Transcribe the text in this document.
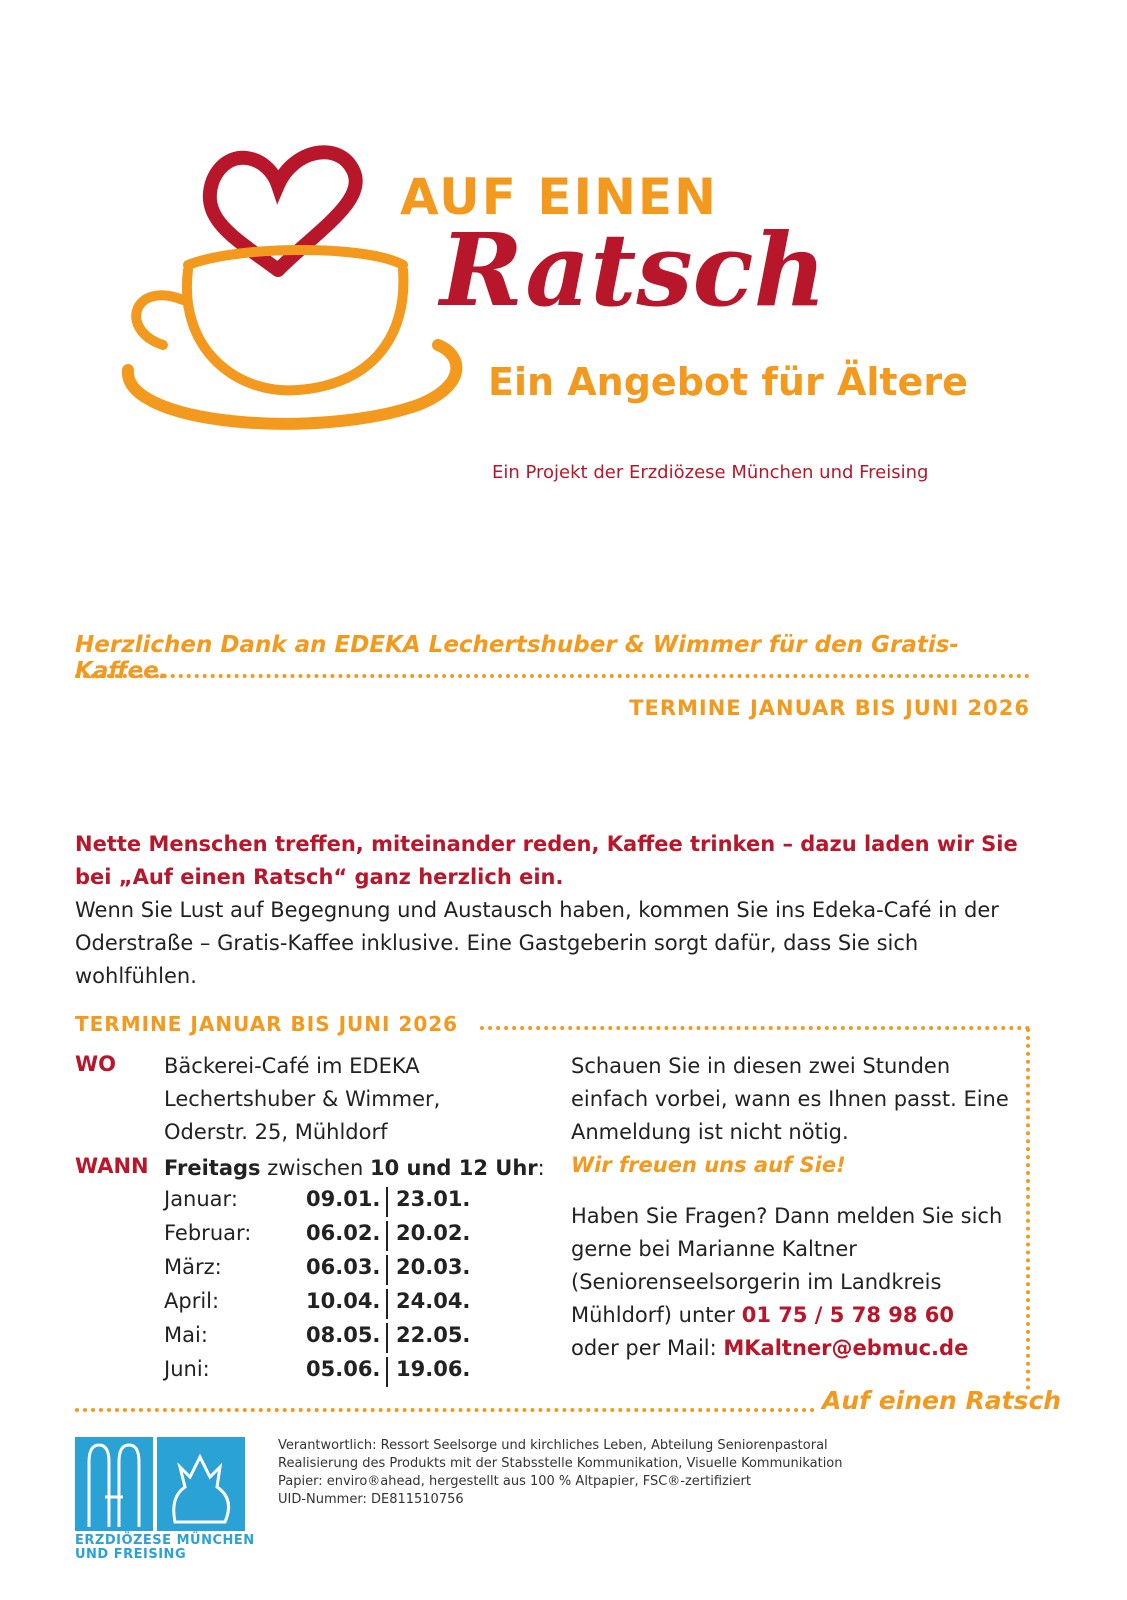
AUF EINEN
Ratsch
Ein Angebot für Ältere
Ein Projekt der Erzdiözese München und Freising
Herzlichen Dank an EDEKA Lechertshuber & Wimmer für den Gratis-Kaffee.
TERMINE JANUAR BIS JUNI 2026
Nette Menschen treffen, miteinander reden, Kaffee trinken – dazu laden wir Sie bei „Auf einen Ratsch“ ganz herzlich ein.
Wenn Sie Lust auf Begegnung und Austausch haben, kommen Sie ins Edeka-Café in der Oderstraße – Gratis-Kaffee inklusive. Eine Gastgeberin sorgt dafür, dass Sie sich wohlfühlen.
TERMINE JANUAR BIS JUNI 2026
Auf einen Ratsch
WO Bäckerei-Café im EDEKA
Lechertshuber & Wimmer,
Oderstr. 25, Mühldorf
WANN Freitags zwischen 10 und 12 Uhr:
Januar:	09.01. 23.01.
Februar:	06.02. 20.02.
März:	06.03. 20.03.
April:	10.04. 24.04.
Mai:	08.05. 22.05.
Juni:	05.06. 19.06.
Schauen Sie in diesen zwei Stunden einfach vorbei, wann es Ihnen passt. Eine Anmeldung ist nicht nötig.
Wir freuen uns auf Sie!
Haben Sie Fragen? Dann melden Sie sich gerne bei Marianne Kaltner (Seniorenseelsorgerin im Landkreis Mühldorf) unter 01 75 / 5 78 98 60
oder per Mail: MKaltner@ebmuc.de
ERZDIÖZESE MÜNCHEN
UND FREISING
Verantwortlich: Ressort Seelsorge und kirchliches Leben, Abteilung Seniorenpastoral
Realisierung des Produkts mit der Stabsstelle Kommunikation, Visuelle Kommunikation
Papier: enviro®ahead, hergestellt aus 100 % Altpapier, FSC®-zertifiziert
UID-Nummer: DE811510756
